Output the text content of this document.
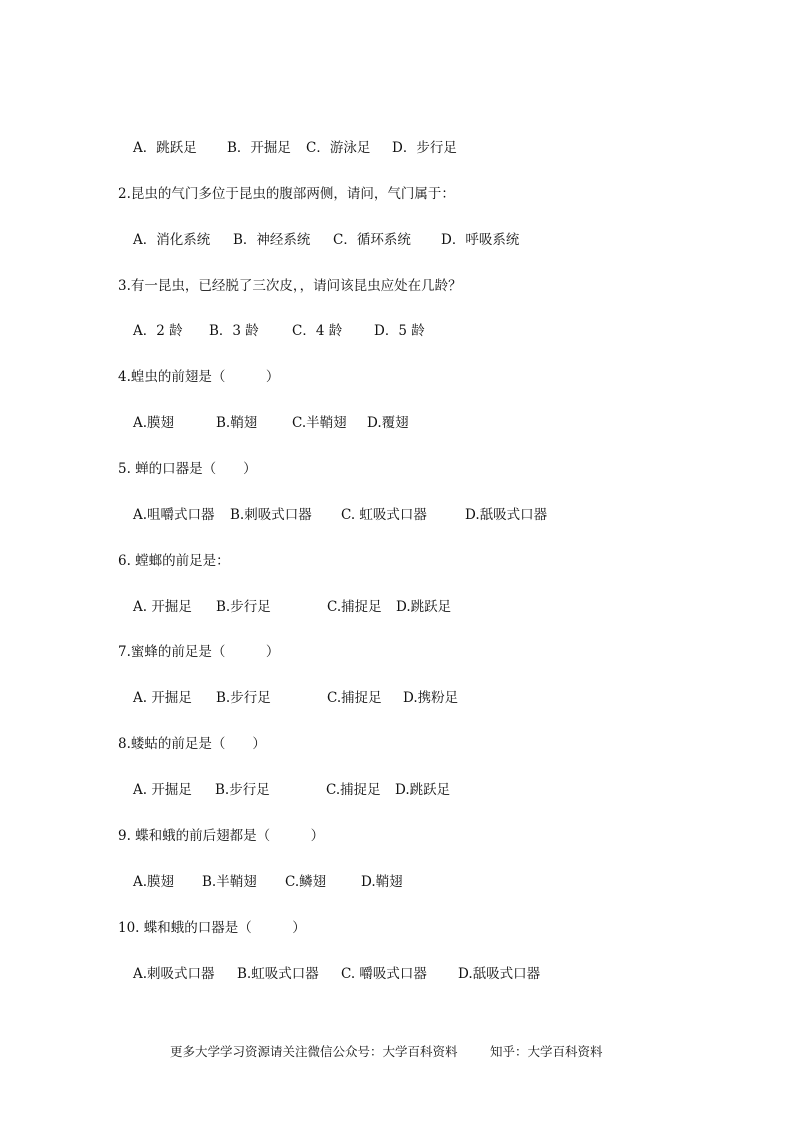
A．跳跃足

B．开掘足

C．游泳足

D．步行足

2.昆虫的气门多位于昆虫的腹部两侧，请问，气门属于：

A．消化系统

B．神经系统

C．循环系统

D．呼吸系统

3.有一昆虫，已经脱了三次皮，，请问该昆虫应处在几龄？

A．2 龄

B．3 龄

C．4 龄

D．5 龄

4.蝗虫的前翅是（　　　）

A.膜翅

	B.鞘翅

	C.半鞘翅

D.覆翅

5. 蝉的口器是（　　）

A.咀嚼式口器

B.刺吸式口器

C. 虹吸式口器

	D.舐吸式口器

6. 螳螂的前足是：

A. 开掘足

B.步行足

	C.捕捉足

D.跳跃足

7.蜜蜂的前足是（　　　）

A. 开掘足

B.步行足

	C.捕捉足

D.携粉足

8.蝼蛄的前足是（　　）

A. 开掘足

B.步行足

	C.捕捉足

D.跳跃足

9. 蝶和蛾的前后翅都是（　　　）

A.膜翅

B.半鞘翅

C.鳞翅

	D.鞘翅

10. 蝶和蛾的口器是（　　　）

A.刺吸式口器

B.虹吸式口器

C. 嚼吸式口器

D.舐吸式口器

更多大学学习资源请关注微信公众号：大学百科资料	知乎：大学百科资料
